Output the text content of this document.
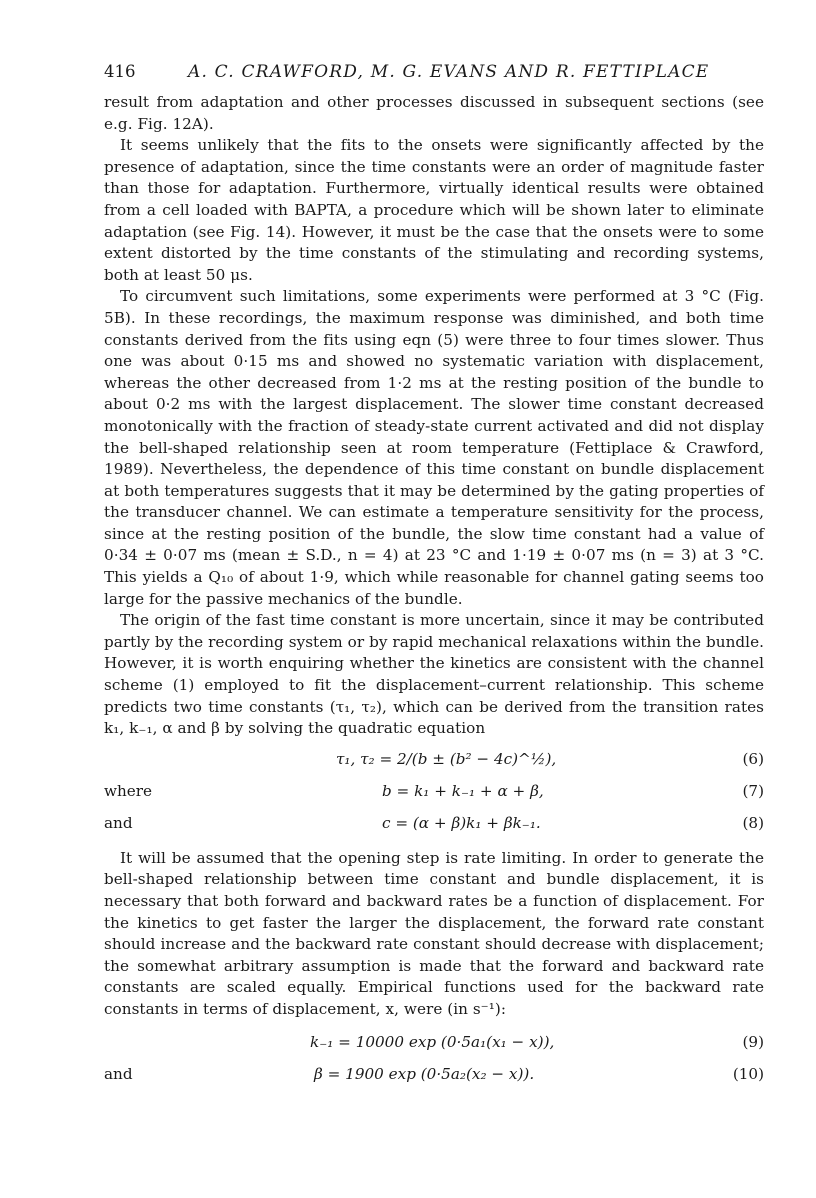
416	A. C. CRAWFORD, M. G. EVANS AND R. FETTIPLACE

result from adaptation and other processes discussed in subsequent sections (see e.g. Fig. 12A).

It seems unlikely that the fits to the onsets were significantly affected by the presence of adaptation, since the time constants were an order of magnitude faster than those for adaptation. Furthermore, virtually identical results were obtained from a cell loaded with BAPTA, a procedure which will be shown later to eliminate adaptation (see Fig. 14). However, it must be the case that the onsets were to some extent distorted by the time constants of the stimulating and recording systems, both at least 50 μs.

To circumvent such limitations, some experiments were performed at 3 °C (Fig. 5B). In these recordings, the maximum response was diminished, and both time constants derived from the fits using eqn (5) were three to four times slower. Thus one was about 0·15 ms and showed no systematic variation with displacement, whereas the other decreased from 1·2 ms at the resting position of the bundle to about 0·2 ms with the largest displacement. The slower time constant decreased monotonically with the fraction of steady-state current activated and did not display the bell-shaped relationship seen at room temperature (Fettiplace & Crawford, 1989). Nevertheless, the dependence of this time constant on bundle displacement at both temperatures suggests that it may be determined by the gating properties of the transducer channel. We can estimate a temperature sensitivity for the process, since at the resting position of the bundle, the slow time constant had a value of 0·34 ± 0·07 ms (mean ± S.D., n = 4) at 23 °C and 1·19 ± 0·07 ms (n = 3) at 3 °C. This yields a Q₁₀ of about 1·9, which while reasonable for channel gating seems too large for the passive mechanics of the bundle.

The origin of the fast time constant is more uncertain, since it may be contributed partly by the recording system or by rapid mechanical relaxations within the bundle. However, it is worth enquiring whether the kinetics are consistent with the channel scheme (1) employed to fit the displacement–current relationship. This scheme predicts two time constants (τ₁, τ₂), which can be derived from the transition rates k₁, k₋₁, α and β by solving the quadratic equation

τ₁, τ₂ = 2/(b ± (b² − 4c)^½),	(6)
where	b = k₁ + k₋₁ + α + β,	(7)
and	c = (α + β)k₁ + βk₋₁.	(8)

It will be assumed that the opening step is rate limiting. In order to generate the bell-shaped relationship between time constant and bundle displacement, it is necessary that both forward and backward rates be a function of displacement. For the kinetics to get faster the larger the displacement, the forward rate constant should increase and the backward rate constant should decrease with displacement; the somewhat arbitrary assumption is made that the forward and backward rate constants are scaled equally. Empirical functions used for the backward rate constants in terms of displacement, x, were (in s⁻¹):

k₋₁ = 10000 exp (0·5a₁(x₁ − x)),	(9)
and	β = 1900 exp (0·5a₂(x₂ − x)).	(10)
